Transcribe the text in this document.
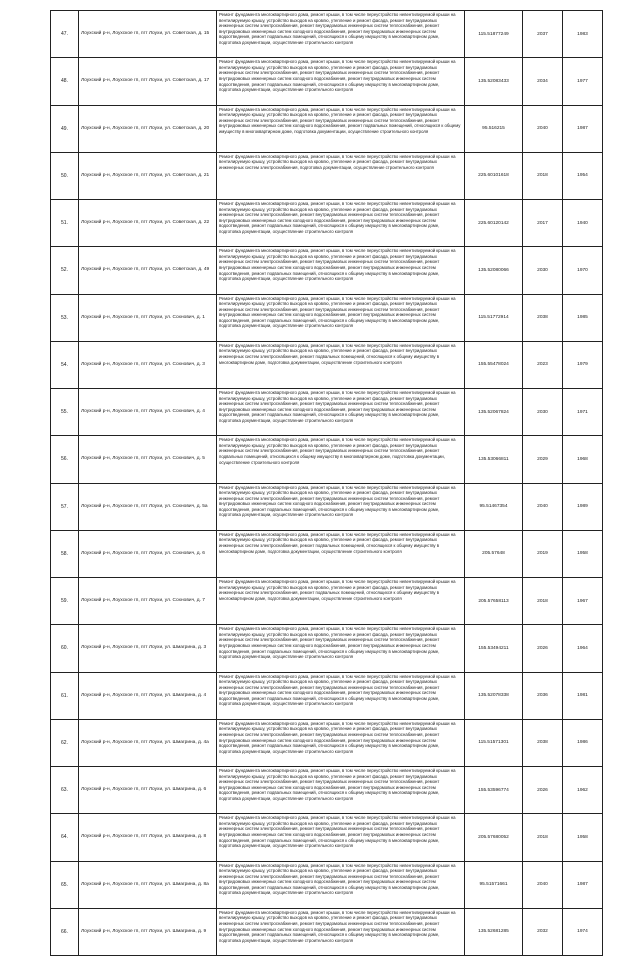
47.	Лоухский р-н, Лоухское гп, пгт Лоухи, ул. Советская, д. 15	Ремонт фундамента многоквартирного дома, ремонт крыши, в том числе переустройство невентилируемой крыши на вентилируемую крышу, устройство выходов на кровлю, утепление и ремонт фасада, ремонт внутридомовых инженерных систем электроснабжения, ремонт внутридомовых инженерных систем теплоснабжения, ремонт внутридомовых инженерных систем холодного водоснабжения, ремонт внутридомовых инженерных систем водоотведения, ремонт подвальных помещений, относящихся к общему имуществу в многоквартирном доме, подготовка документации, осуществление строительного контроля	115.51877249	2037	1983
48.	Лоухский р-н, Лоухское гп, пгт Лоухи, ул. Советская, д. 17	Ремонт фундамента многоквартирного дома, ремонт крыши, в том числе переустройство невентилируемой крыши на вентилируемую крышу, устройство выходов на кровлю, утепление и ремонт фасада, ремонт внутридомовых инженерных систем электроснабжения, ремонт внутридомовых инженерных систем теплоснабжения, ремонт внутридомовых инженерных систем холодного водоснабжения, ремонт внутридомовых инженерных систем водоотведения, ремонт подвальных помещений, относящихся к общему имуществу в многоквартирном доме, подготовка документации, осуществление строительного контроля	135.52083433	2034	1977
49.	Лоухский р-н, Лоухское гп, пгт Лоухи, ул. Советская, д. 20	Ремонт фундамента многоквартирного дома, ремонт крыши, в том числе переустройство невентилируемой крыши на вентилируемую крышу, устройство выходов на кровлю, утепление и ремонт фасада, ремонт внутридомовых инженерных систем электроснабжения, ремонт внутридомовых инженерных систем теплоснабжения, ремонт внутридомовых инженерных систем холодного водоснабжения, ремонт подвальных помещений, относящихся к общему имуществу в многоквартирном доме, подготовка документации, осуществление строительного контроля	95.516215	2040	1987
50.	Лоухский р-н, Лоухское гп, пгт Лоухи, ул. Советская, д. 21	Ремонт фундамента многоквартирного дома, ремонт крыши, в том числе переустройство невентилируемой крыши на вентилируемую крышу, устройство выходов на кровлю, утепление и ремонт фасада, ремонт внутридомовых инженерных систем электроснабжения, подготовка документации, осуществление строительного контроля	225.60101618	2018	1954
51.	Лоухский р-н, Лоухское гп, пгт Лоухи, ул. Советская, д. 22	Ремонт фундамента многоквартирного дома, ремонт крыши, в том числе переустройство невентилируемой крыши на вентилируемую крышу, устройство выходов на кровлю, утепление и ремонт фасада, ремонт внутридомовых инженерных систем электроснабжения, ремонт внутридомовых инженерных систем теплоснабжения, ремонт внутридомовых инженерных систем холодного водоснабжения, ремонт внутридомовых инженерных систем водоотведения, ремонт подвальных помещений, относящихся к общему имуществу в многоквартирном доме, подготовка документации, осуществление строительного контроля	225.60120142	2017	1940
52.	Лоухский р-н, Лоухское гп, пгт Лоухи, ул. Советская, д. 49	Ремонт фундамента многоквартирного дома, ремонт крыши, в том числе переустройство невентилируемой крыши на вентилируемую крышу, устройство выходов на кровлю, утепление и ремонт фасада, ремонт внутридомовых инженерных систем электроснабжения, ремонт внутридомовых инженерных систем теплоснабжения, ремонт внутридомовых инженерных систем холодного водоснабжения, ремонт внутридомовых инженерных систем водоотведения, ремонт подвальных помещений, относящихся к общему имуществу в многоквартирном доме, подготовка документации, осуществление строительного контроля	135.52080066	2030	1970
53.	Лоухский р-н, Лоухское гп, пгт Лоухи, ул. Сохнович, д. 1	Ремонт фундамента многоквартирного дома, ремонт крыши, в том числе переустройство невентилируемой крыши на вентилируемую крышу, устройство выходов на кровлю, утепление и ремонт фасада, ремонт внутридомовых инженерных систем электроснабжения, ремонт внутридомовых инженерных систем теплоснабжения, ремонт внутридомовых инженерных систем холодного водоснабжения, ремонт внутридомовых инженерных систем водоотведения, ремонт подвальных помещений, относящихся к общему имуществу в многоквартирном доме, подготовка документации, осуществление строительного контроля	115.51772914	2038	1985
54.	Лоухский р-н, Лоухское гп, пгт Лоухи, ул. Сохнович, д. 3	Ремонт фундамента многоквартирного дома, ремонт крыши, в том числе переустройство невентилируемой крыши на вентилируемую крышу, устройство выходов на кровлю, утепление и ремонт фасада, ремонт внутридомовых инженерных систем электроснабжения, ремонт подвальных помещений, относящихся к общему имуществу в многоквартирном доме, подготовка документации, осуществление строительного контроля	155.55478024	2023	1979
55.	Лоухский р-н, Лоухское гп, пгт Лоухи, ул. Сохнович, д. 4	Ремонт фундамента многоквартирного дома, ремонт крыши, в том числе переустройство невентилируемой крыши на вентилируемую крышу, устройство выходов на кровлю, утепление и ремонт фасада, ремонт внутридомовых инженерных систем электроснабжения, ремонт внутридомовых инженерных систем теплоснабжения, ремонт внутридомовых инженерных систем холодного водоснабжения, ремонт внутридомовых инженерных систем водоотведения, ремонт подвальных помещений, относящихся к общему имуществу в многоквартирном доме, подготовка документации, осуществление строительного контроля	135.52067824	2030	1971
56.	Лоухский р-н, Лоухское гп, пгт Лоухи, ул. Сохнович, д. 5	Ремонт фундамента многоквартирного дома, ремонт крыши, в том числе переустройство невентилируемой крыши на вентилируемую крышу, устройство выходов на кровлю, утепление и ремонт фасада, ремонт внутридомовых инженерных систем электроснабжения, ремонт внутридомовых инженерных систем теплоснабжения, ремонт подвальных помещений, относящихся к общему имуществу в многоквартирном доме, подготовка документации, осуществление строительного контроля	135.53066811	2029	1968
57.	Лоухский р-н, Лоухское гп, пгт Лоухи, ул. Сохнович, д. 5а	Ремонт фундамента многоквартирного дома, ремонт крыши, в том числе переустройство невентилируемой крыши на вентилируемую крышу, устройство выходов на кровлю, утепление и ремонт фасада, ремонт внутридомовых инженерных систем электроснабжения, ремонт внутридомовых инженерных систем теплоснабжения, ремонт внутридомовых инженерных систем холодного водоснабжения, ремонт внутридомовых инженерных систем водоотведения, ремонт подвальных помещений, относящихся к общему имуществу в многоквартирном доме, подготовка документации, осуществление строительного контроля	95.51467354	2040	1989
58.	Лоухский р-н, Лоухское гп, пгт Лоухи, ул. Сохнович, д. 6	Ремонт фундамента многоквартирного дома, ремонт крыши, в том числе переустройство невентилируемой крыши на вентилируемую крышу, устройство выходов на кровлю, утепление и ремонт фасада, ремонт внутридомовых инженерных систем электроснабжения, ремонт подвальных помещений, относящихся к общему имуществу в многоквартирном доме, подготовка документации, осуществление строительного контроля	205.57648	2019	1958
59.	Лоухский р-н, Лоухское гп, пгт Лоухи, ул. Сохнович, д. 7	Ремонт фундамента многоквартирного дома, ремонт крыши, в том числе переустройство невентилируемой крыши на вентилируемую крышу, устройство выходов на кровлю, утепление и ремонт фасада, ремонт внутридомовых инженерных систем электроснабжения, ремонт подвальных помещений, относящихся к общему имуществу в многоквартирном доме, подготовка документации, осуществление строительного контроля	205.57658113	2018	1967
60.	Лоухский р-н, Лоухское гп, пгт Лоухи, ул. Шмагрина, д. 3	Ремонт фундамента многоквартирного дома, ремонт крыши, в том числе переустройство невентилируемой крыши на вентилируемую крышу, устройство выходов на кровлю, утепление и ремонт фасада, ремонт внутридомовых инженерных систем электроснабжения, ремонт внутридомовых инженерных систем теплоснабжения, ремонт внутридомовых инженерных систем холодного водоснабжения, ремонт внутридомовых инженерных систем водоотведения, ремонт подвальных помещений, относящихся к общему имуществу в многоквартирном доме, подготовка документации, осуществление строительного контроля	155.53494211	2026	1964
61.	Лоухский р-н, Лоухское гп, пгт Лоухи, ул. Шмагрина, д. 4	Ремонт фундамента многоквартирного дома, ремонт крыши, в том числе переустройство невентилируемой крыши на вентилируемую крышу, устройство выходов на кровлю, утепление и ремонт фасада, ремонт внутридомовых инженерных систем электроснабжения, ремонт внутридомовых инженерных систем теплоснабжения, ремонт внутридомовых инженерных систем холодного водоснабжения, ремонт внутридомовых инженерных систем водоотведения, ремонт подвальных помещений, относящихся к общему имуществу в многоквартирном доме, подготовка документации, осуществление строительного контроля	135.52078338	2036	1981
62.	Лоухский р-н, Лоухское гп, пгт Лоухи, ул. Шмагрина, д. 4а	Ремонт фундамента многоквартирного дома, ремонт крыши, в том числе переустройство невентилируемой крыши на вентилируемую крышу, устройство выходов на кровлю, утепление и ремонт фасада, ремонт внутридомовых инженерных систем электроснабжения, ремонт внутридомовых инженерных систем теплоснабжения, ремонт внутридомовых инженерных систем холодного водоснабжения, ремонт внутридомовых инженерных систем водоотведения, ремонт подвальных помещений, относящихся к общему имуществу в многоквартирном доме, подготовка документации, осуществление строительного контроля	115.51571301	2038	1986
63.	Лоухский р-н, Лоухское гп, пгт Лоухи, ул. Шмагрина, д. 6	Ремонт фундамента многоквартирного дома, ремонт крыши, в том числе переустройство невентилируемой крыши на вентилируемую крышу, устройство выходов на кровлю, утепление и ремонт фасада, ремонт внутридомовых инженерных систем электроснабжения, ремонт внутридомовых инженерных систем теплоснабжения, ремонт внутридомовых инженерных систем холодного водоснабжения, ремонт внутридомовых инженерных систем водоотведения, ремонт подвальных помещений, относящихся к общему имуществу в многоквартирном доме, подготовка документации, осуществление строительного контроля	155.53596774	2026	1962
64.	Лоухский р-н, Лоухское гп, пгт Лоухи, ул. Шмагрина, д. 8	Ремонт фундамента многоквартирного дома, ремонт крыши, в том числе переустройство невентилируемой крыши на вентилируемую крышу, устройство выходов на кровлю, утепление и ремонт фасада, ремонт внутридомовых инженерных систем электроснабжения, ремонт внутридомовых инженерных систем теплоснабжения, ремонт внутридомовых инженерных систем холодного водоснабжения, ремонт внутридомовых инженерных систем водоотведения, ремонт подвальных помещений, относящихся к общему имуществу в многоквартирном доме, подготовка документации, осуществление строительного контроля	205.57680052	2018	1958
65.	Лоухский р-н, Лоухское гп, пгт Лоухи, ул. Шмагрина, д. 8а	Ремонт фундамента многоквартирного дома, ремонт крыши, в том числе переустройство невентилируемой крыши на вентилируемую крышу, устройство выходов на кровлю, утепление и ремонт фасада, ремонт внутридомовых инженерных систем электроснабжения, ремонт внутридомовых инженерных систем теплоснабжения, ремонт внутридомовых инженерных систем холодного водоснабжения, ремонт внутридомовых инженерных систем водоотведения, ремонт подвальных помещений, относящихся к общему имуществу в многоквартирном доме, подготовка документации, осуществление строительного контроля	95.51571661	2040	1987
66.	Лоухский р-н, Лоухское гп, пгт Лоухи, ул. Шмагрина, д. 9	Ремонт фундамента многоквартирного дома, ремонт крыши, в том числе переустройство невентилируемой крыши на вентилируемую крышу, устройство выходов на кровлю, утепление и ремонт фасада, ремонт внутридомовых инженерных систем электроснабжения, ремонт внутридомовых инженерных систем теплоснабжения, ремонт внутридомовых инженерных систем холодного водоснабжения, ремонт внутридомовых инженерных систем водоотведения, ремонт подвальных помещений, относящихся к общему имуществу в многоквартирном доме, подготовка документации, осуществление строительного контроля	135.52681285	2032	1974
